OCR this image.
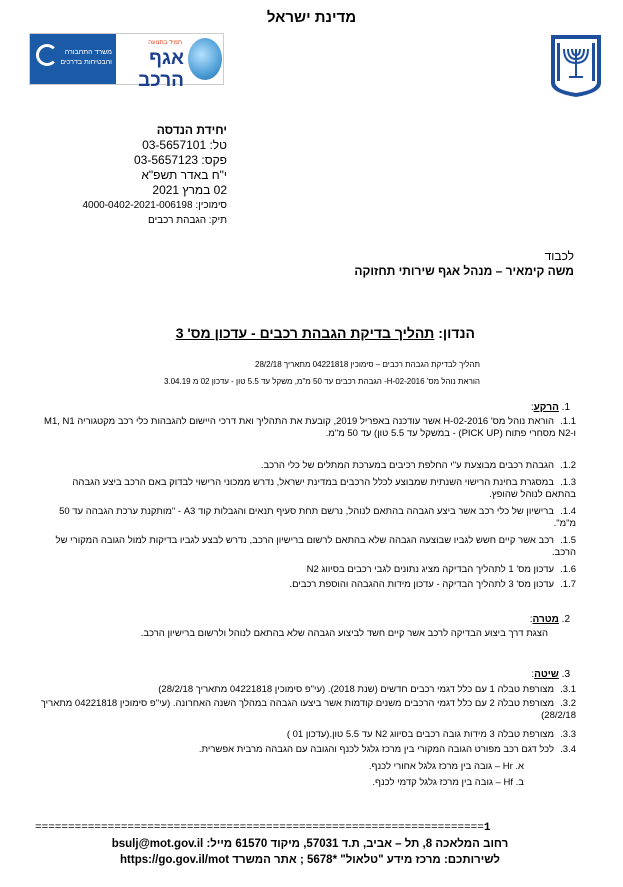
מדינת ישראל
משרד התחבורה
והבטיחות בדרכים
תמיד בתנועה
אגף הרכב
יחידת הנדסה
טל: 03-5657101
פקס: 03-5657123
י"ח באדר תשפ"א
02 במרץ 2021
סימוכין: 4000-0402-2021-006198
תיק: הגבהת רכבים
לכבוד
משה קימאיר – מנהל אגף שירותי תחזוקה
הנדון: תהליך בדיקת הגבהת רכבים - עדכון מס' 3
תהליך לבדיקת הגבהת רכבים – סימוכין 04221818 מתאריך 28/2/18
הוראת נוהל מס' H-02-2016- הגבהת רכבים עד 50 מ"מ, משקל עד 5.5 טון - עדכון 02 מ 3.04.19
1. הרקע:
1.1.הוראת נוהל מס' H-02-2016 אשר עודכנה באפריל 2019, קובעת את התהליך ואת דרכי היישום להגבהות כלי רכב מקטגוריה M1, N1 ו-N2 מסחרי פתוח (PICK UP) - במשקל עד 5.5 טון) עד 50 מ"מ.
1.2.הגבהת רכבים מבוצעת ע"י החלפת רכיבים במערכת המתלים של כלי הרכב.
1.3.במסגרת בחינת הרישוי השנתית שמבוצע לכלל הרכבים במדינת ישראל, נדרש ממכוני הרישוי לבדוק באם הרכב ביצע הגבהה בהתאם לנוהל שהופץ.
1.4.ברישיון של כלי רכב אשר ביצע הגבהה בהתאם לנוהל, נרשם תחת סעיף תנאים והגבלות קוד A3 - "מותקנת ערכת הגבהה עד 50 מ"מ".
1.5.רכב אשר קיים חשש לגביו שבוצעה הגבהה שלא בהתאם לרשום ברישיון הרכב, נדרש לבצע לגביו בדיקות למול הגובה המקורי של הרכב.
1.6.עדכון מס' 1 לתהליך הבדיקה מציג נתונים לגבי רכבים בסיווג N2
1.7.עדכון מס' 3 לתהליך הבדיקה - עדכון מידות ההגבהה והוספת רכבים.
2. מטרה:
הצגת דרך ביצוע הבדיקה לרכב אשר קיים חשד לביצוע הגבהה שלא בהתאם לנוהל ולרשום ברישיון הרכב.
3. שיטה:
3.1.מצורפת טבלה 1 עם כלל דגמי רכבים חדשים (שנת 2018). (עי"פ סימוכין 04221818 מתאריך 28/2/18)
3.2.מצורפת טבלה 2 עם כלל דגמי הרכבים משנים קודמות אשר ביצעו הגבהה במהלך השנה האחרונה. (עי"פ סימוכין 04221818 מתאריך 28/2/18)
3.3.מצורפת טבלה 3 מידות גובה רכבים בסיווג N2 עד 5.5 טון.(עדכון 01 )
3.4.לכל דגם רכב מפורט הגובה המקורי בין מרכז גלגל לכנף והגובה עם הגבהה מרבית אפשרית.
א. Hr – גובה בין מרכז גלגל אחורי לכנף.
ב. Hf – גובה בין מרכז גלגל קדמי לכנף.
====================================================================1
רחוב המלאכה 8, תל – אביב, ת.ד 57031, מיקוד 61570 מייל: bsulj@mot.gov.il
לשירותכם: מרכז מידע "טלאול" *5678 ; אתר המשרד https://go.gov.il/mot
